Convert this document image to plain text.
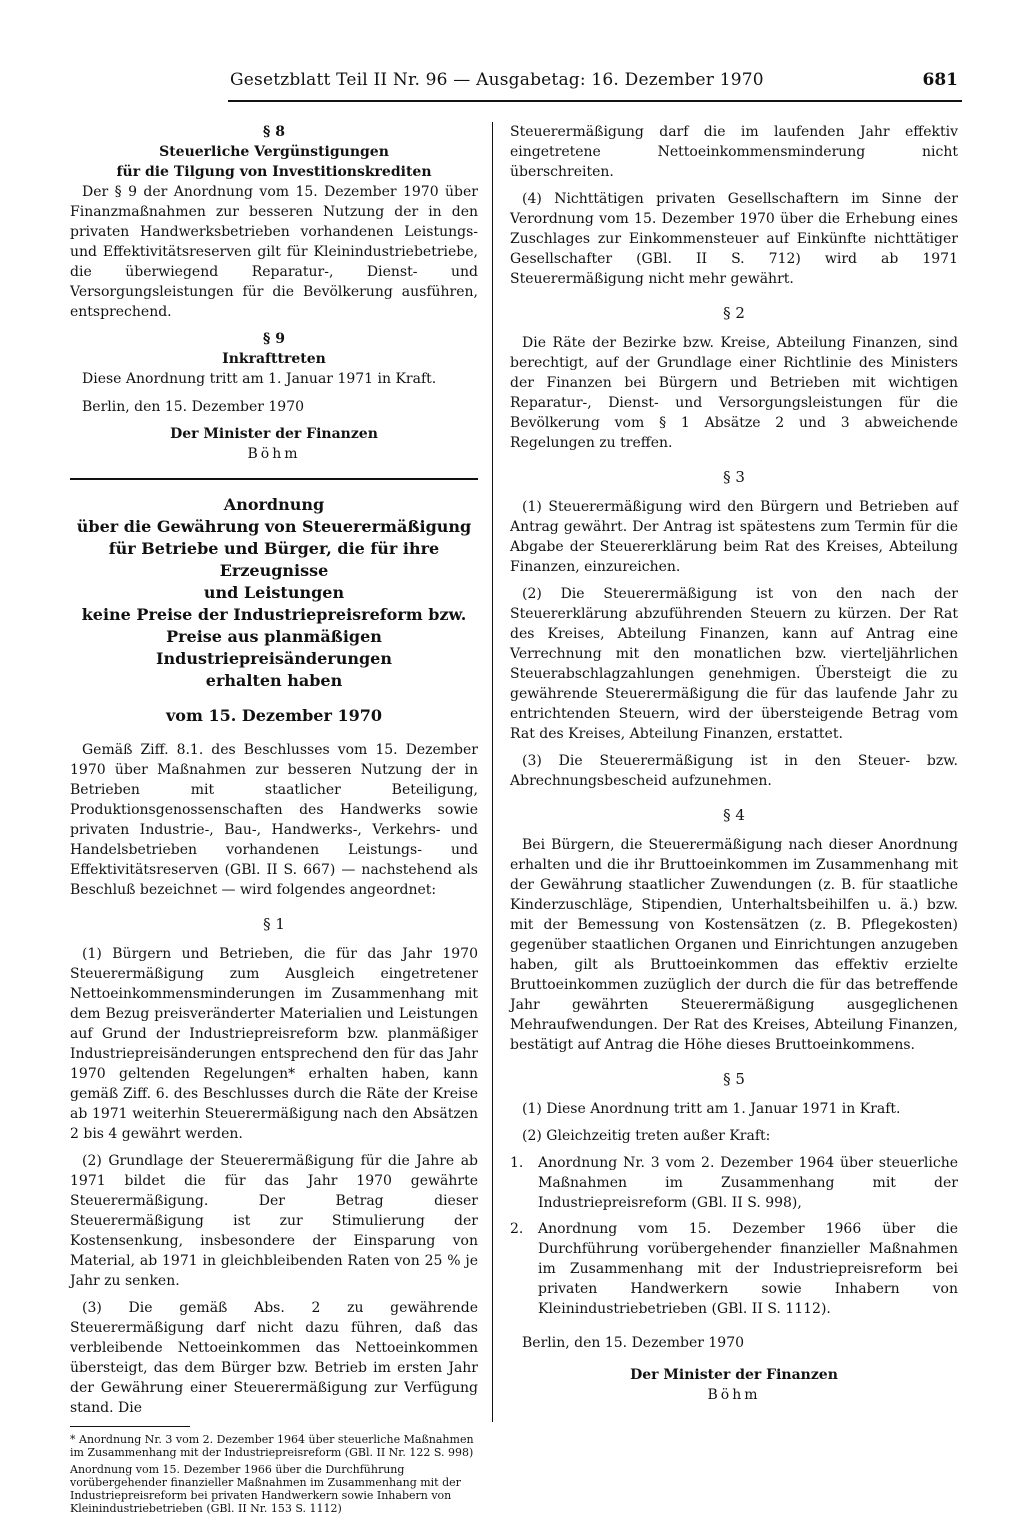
Gesetzblatt Teil II Nr. 96 — Ausgabetag: 16. Dezember 1970	681

§ 8

Steuerliche Vergünstigungen

für die Tilgung von Investitionskrediten

Der § 9 der Anordnung vom 15. Dezember 1970 über Finanzmaßnahmen zur besseren Nutzung der in den privaten Handwerksbetrieben vorhandenen Leistungs- und Effektivitätsreserven gilt für Kleinindustriebetriebe, die überwiegend Reparatur-, Dienst- und Versorgungsleistungen für die Bevölkerung ausführen, entsprechend.

§ 9

Inkrafttreten

Diese Anordnung tritt am 1. Januar 1971 in Kraft.

Berlin, den 15. Dezember 1970

Der Minister der Finanzen

Böhm

Anordnung

über die Gewährung von Steuerermäßigung

für Betriebe und Bürger, die für ihre Erzeugnisse

und Leistungen

keine Preise der Industriepreisreform bzw.

Preise aus planmäßigen Industriepreisänderungen

erhalten haben

vom 15. Dezember 1970

Gemäß Ziff. 8.1. des Beschlusses vom 15. Dezember 1970 über Maßnahmen zur besseren Nutzung der in Betrieben mit staatlicher Beteiligung, Produktionsgenossenschaften des Handwerks sowie privaten Industrie-, Bau-, Handwerks-, Verkehrs- und Handelsbetrieben vorhandenen Leistungs- und Effektivitätsreserven (GBl. II S. 667) — nachstehend als Beschluß bezeichnet — wird folgendes angeordnet:

§ 1

(1) Bürgern und Betrieben, die für das Jahr 1970 Steuerermäßigung zum Ausgleich eingetretener Nettoeinkommensminderungen im Zusammenhang mit dem Bezug preisveränderter Materialien und Leistungen auf Grund der Industriepreisreform bzw. planmäßiger Industriepreisänderungen entsprechend den für das Jahr 1970 geltenden Regelungen* erhalten haben, kann gemäß Ziff. 6. des Beschlusses durch die Räte der Kreise ab 1971 weiterhin Steuerermäßigung nach den Absätzen 2 bis 4 gewährt werden.

(2) Grundlage der Steuerermäßigung für die Jahre ab 1971 bildet die für das Jahr 1970 gewährte Steuerermäßigung. Der Betrag dieser Steuerermäßigung ist zur Stimulierung der Kostensenkung, insbesondere der Einsparung von Material, ab 1971 in gleichbleibenden Raten von 25 % je Jahr zu senken.

(3) Die gemäß Abs. 2 zu gewährende Steuerermäßigung darf nicht dazu führen, daß das verbleibende Nettoeinkommen das Nettoeinkommen übersteigt, das dem Bürger bzw. Betrieb im ersten Jahr der Gewährung einer Steuerermäßigung zur Verfügung stand. Die

* Anordnung Nr. 3 vom 2. Dezember 1964 über steuerliche Maßnahmen im Zusammenhang mit der Industriepreisreform (GBl. II Nr. 122 S. 998)

Anordnung vom 15. Dezember 1966 über die Durchführung vorübergehender finanzieller Maßnahmen im Zusammenhang mit der Industriepreisreform bei privaten Handwerkern sowie Inhabern von Kleinindustriebetrieben (GBl. II Nr. 153 S. 1112)

Steuerermäßigung darf die im laufenden Jahr effektiv eingetretene Nettoeinkommensminderung nicht überschreiten.

(4) Nichttätigen privaten Gesellschaftern im Sinne der Verordnung vom 15. Dezember 1970 über die Erhebung eines Zuschlages zur Einkommensteuer auf Einkünfte nichttätiger Gesellschafter (GBl. II S. 712) wird ab 1971 Steuerermäßigung nicht mehr gewährt.

§ 2

Die Räte der Bezirke bzw. Kreise, Abteilung Finanzen, sind berechtigt, auf der Grundlage einer Richtlinie des Ministers der Finanzen bei Bürgern und Betrieben mit wichtigen Reparatur-, Dienst- und Versorgungsleistungen für die Bevölkerung vom § 1 Absätze 2 und 3 abweichende Regelungen zu treffen.

§ 3

(1) Steuerermäßigung wird den Bürgern und Betrieben auf Antrag gewährt. Der Antrag ist spätestens zum Termin für die Abgabe der Steuererklärung beim Rat des Kreises, Abteilung Finanzen, einzureichen.

(2) Die Steuerermäßigung ist von den nach der Steuererklärung abzuführenden Steuern zu kürzen. Der Rat des Kreises, Abteilung Finanzen, kann auf Antrag eine Verrechnung mit den monatlichen bzw. vierteljährlichen Steuerabschlagzahlungen genehmigen. Übersteigt die zu gewährende Steuerermäßigung die für das laufende Jahr zu entrichtenden Steuern, wird der übersteigende Betrag vom Rat des Kreises, Abteilung Finanzen, erstattet.

(3) Die Steuerermäßigung ist in den Steuer- bzw. Abrechnungsbescheid aufzunehmen.

§ 4

Bei Bürgern, die Steuerermäßigung nach dieser Anordnung erhalten und die ihr Bruttoeinkommen im Zusammenhang mit der Gewährung staatlicher Zuwendungen (z. B. für staatliche Kinderzuschläge, Stipendien, Unterhaltsbeihilfen u. ä.) bzw. mit der Bemessung von Kostensätzen (z. B. Pflegekosten) gegenüber staatlichen Organen und Einrichtungen anzugeben haben, gilt als Bruttoeinkommen das effektiv erzielte Bruttoeinkommen zuzüglich der durch die für das betreffende Jahr gewährten Steuerermäßigung ausgeglichenen Mehraufwendungen. Der Rat des Kreises, Abteilung Finanzen, bestätigt auf Antrag die Höhe dieses Bruttoeinkommens.

§ 5

(1) Diese Anordnung tritt am 1. Januar 1971 in Kraft.

(2) Gleichzeitig treten außer Kraft:

1. Anordnung Nr. 3 vom 2. Dezember 1964 über steuerliche Maßnahmen im Zusammenhang mit der Industriepreisreform (GBl. II S. 998),
2. Anordnung vom 15. Dezember 1966 über die Durchführung vorübergehender finanzieller Maßnahmen im Zusammenhang mit der Industriepreisreform bei privaten Handwerkern sowie Inhabern von Kleinindustriebetrieben (GBl. II S. 1112).

Berlin, den 15. Dezember 1970

Der Minister der Finanzen

Böhm
